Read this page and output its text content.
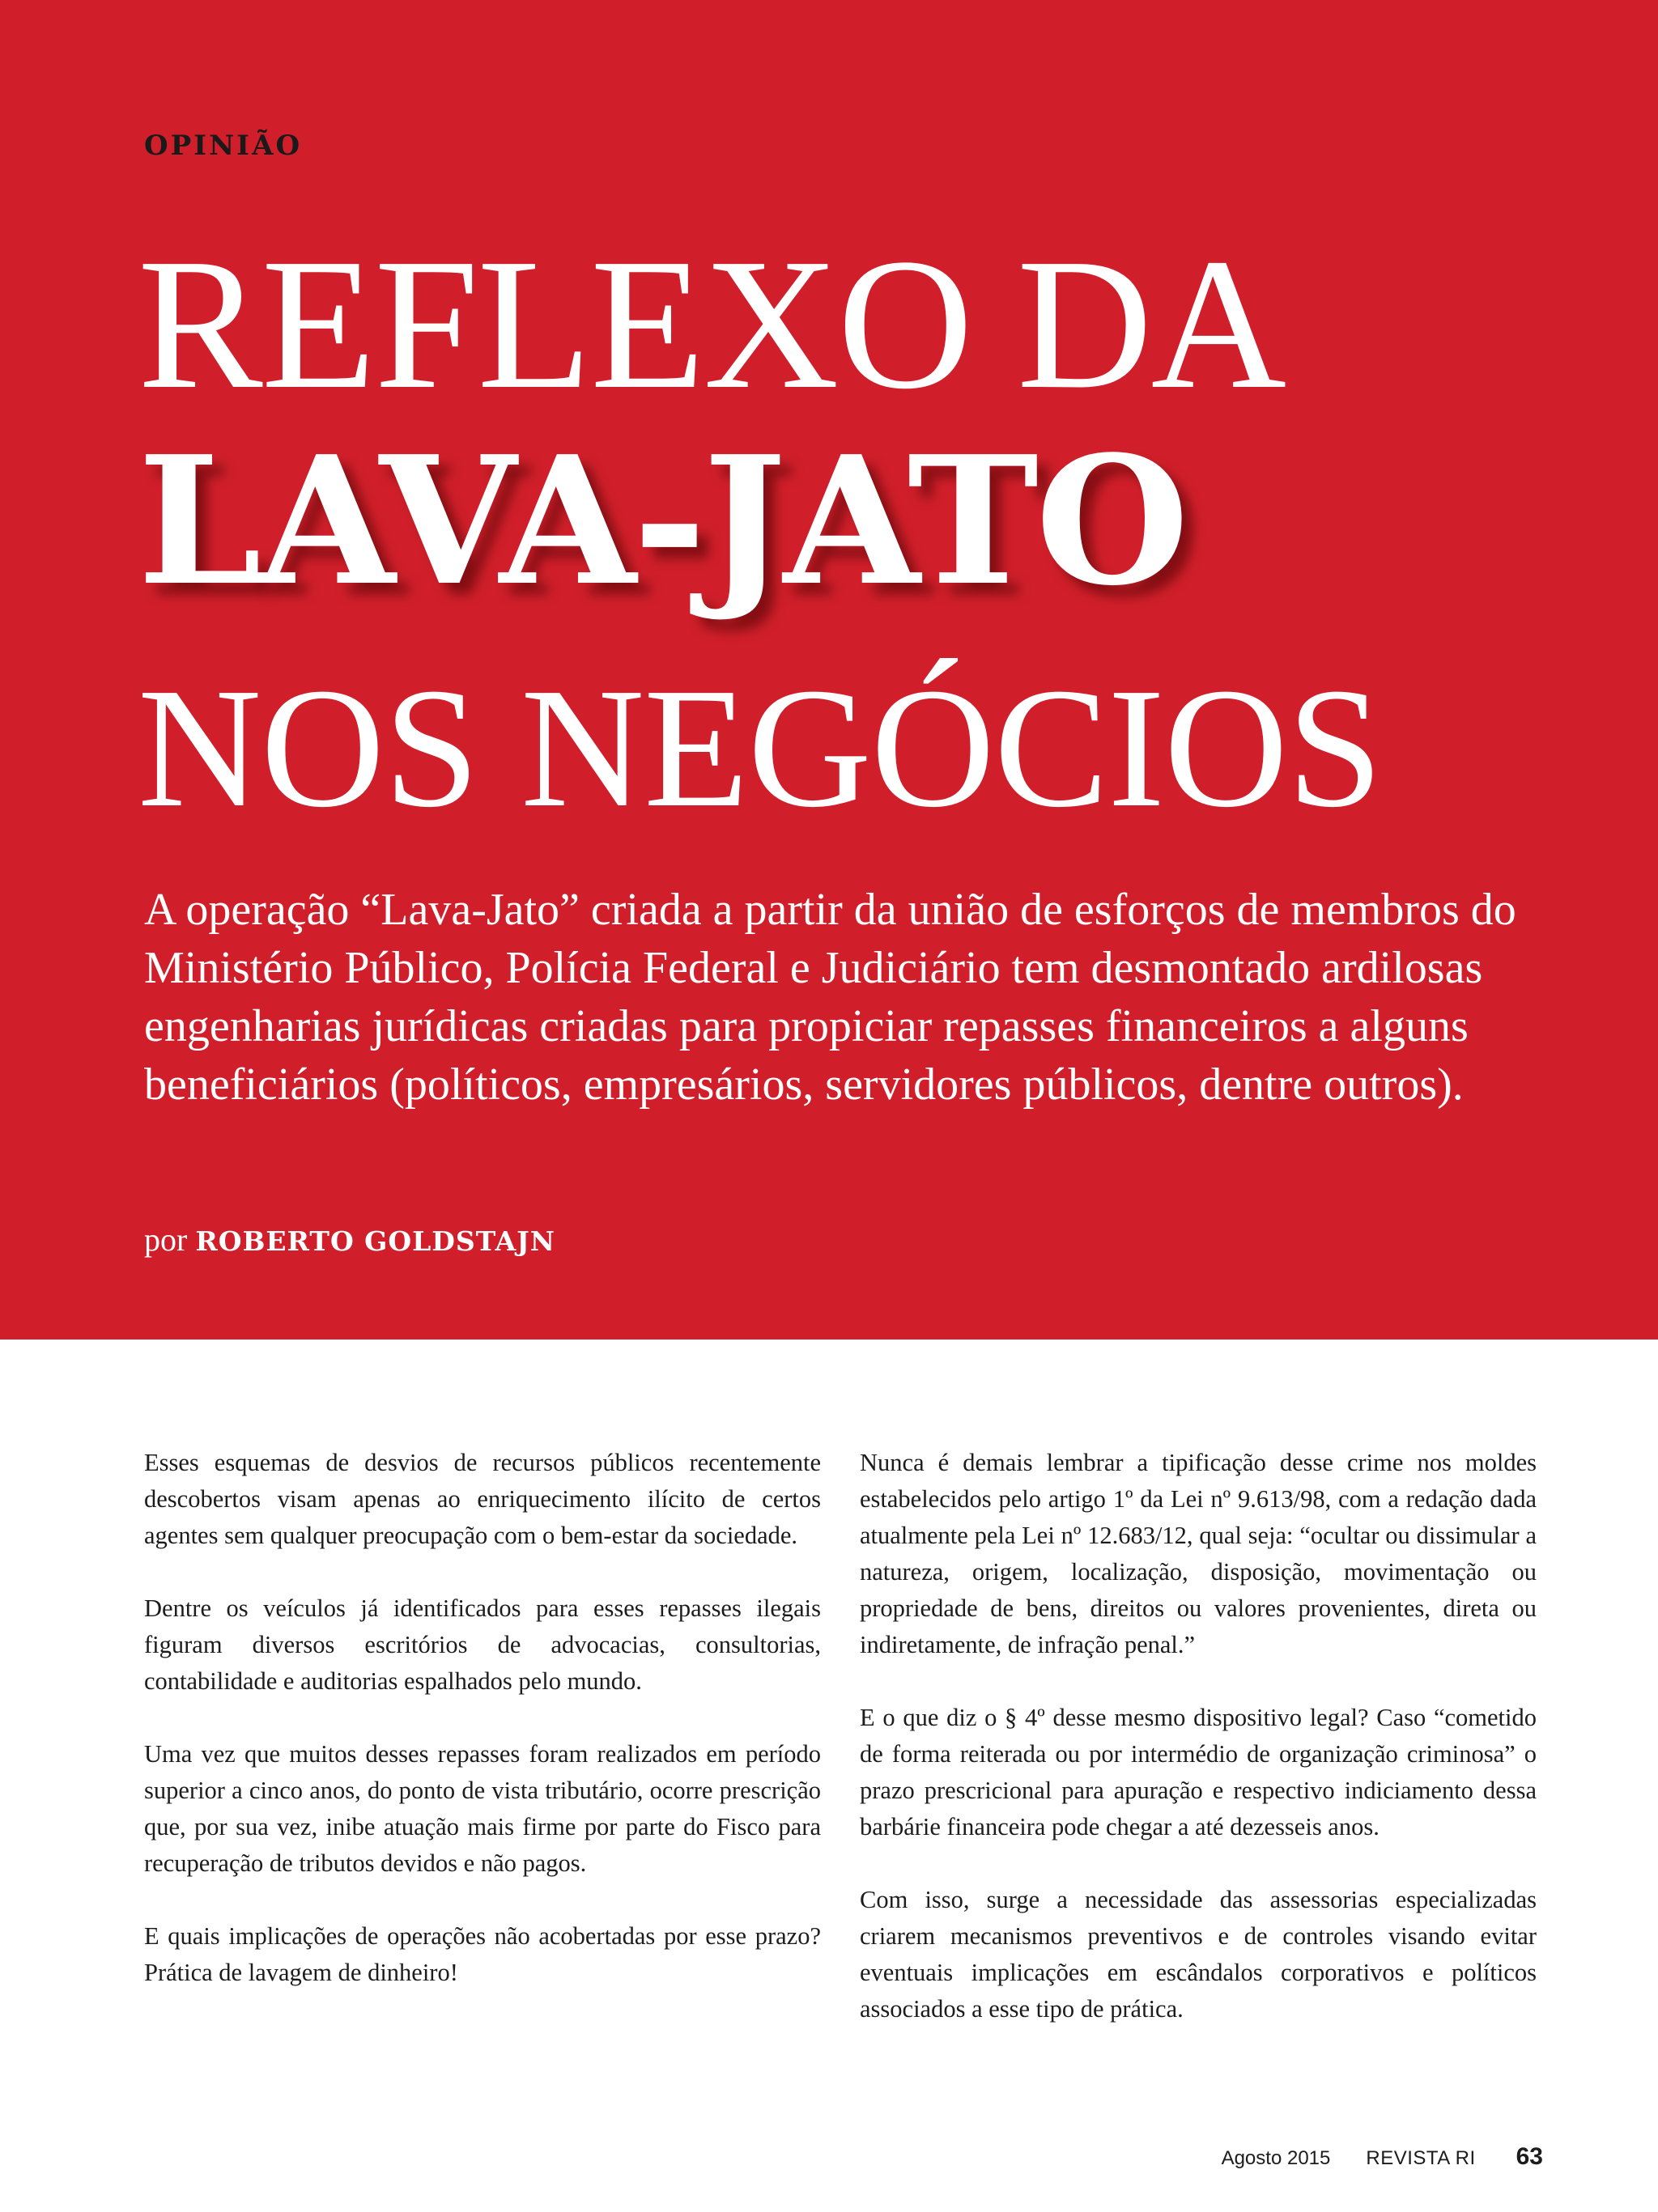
OPINIÃO
REFLEXO DA
LAVA-JATO
NOS NEGÓCIOS

A operação “Lava-Jato” criada a partir da união de esforços de membros do Ministério Público, Polícia Federal e Judiciário tem desmontado ardilosas engenharias jurídicas criadas para propiciar repasses financeiros a alguns beneficiários (políticos, empresários, servidores públicos, dentre outros).

por ROBERTO GOLDSTAJN

Esses esquemas de desvios de recursos públicos recentemente descobertos visam apenas ao enriquecimento ilícito de certos agentes sem qualquer preocupação com o bem-estar da sociedade.

Dentre os veículos já identificados para esses repasses ilegais figuram diversos escritórios de advocacias, consultorias, contabilidade e auditorias espalhados pelo mundo.

Uma vez que muitos desses repasses foram realizados em período superior a cinco anos, do ponto de vista tributário, ocorre prescrição que, por sua vez, inibe atuação mais firme por parte do Fisco para recuperação de tributos devidos e não pagos.

E quais implicações de operações não acobertadas por esse prazo? Prática de lavagem de dinheiro!

Nunca é demais lembrar a tipificação desse crime nos moldes estabelecidos pelo artigo 1º da Lei nº 9.613/98, com a redação dada atualmente pela Lei nº 12.683/12, qual seja: “ocultar ou dissimular a natureza, origem, localização, disposição, movimentação ou propriedade de bens, direitos ou valores provenientes, direta ou indiretamente, de infração penal.”

E o que diz o § 4º desse mesmo dispositivo legal? Caso “cometido de forma reiterada ou por intermédio de organização criminosa” o prazo prescricional para apuração e respectivo indiciamento dessa barbárie financeira pode chegar a até dezesseis anos.

Com isso, surge a necessidade das assessorias especializadas criarem mecanismos preventivos e de controles visando evitar eventuais implicações em escândalos corporativos e políticos associados a esse tipo de prática.

Agosto 2015 REVISTA RI 63
